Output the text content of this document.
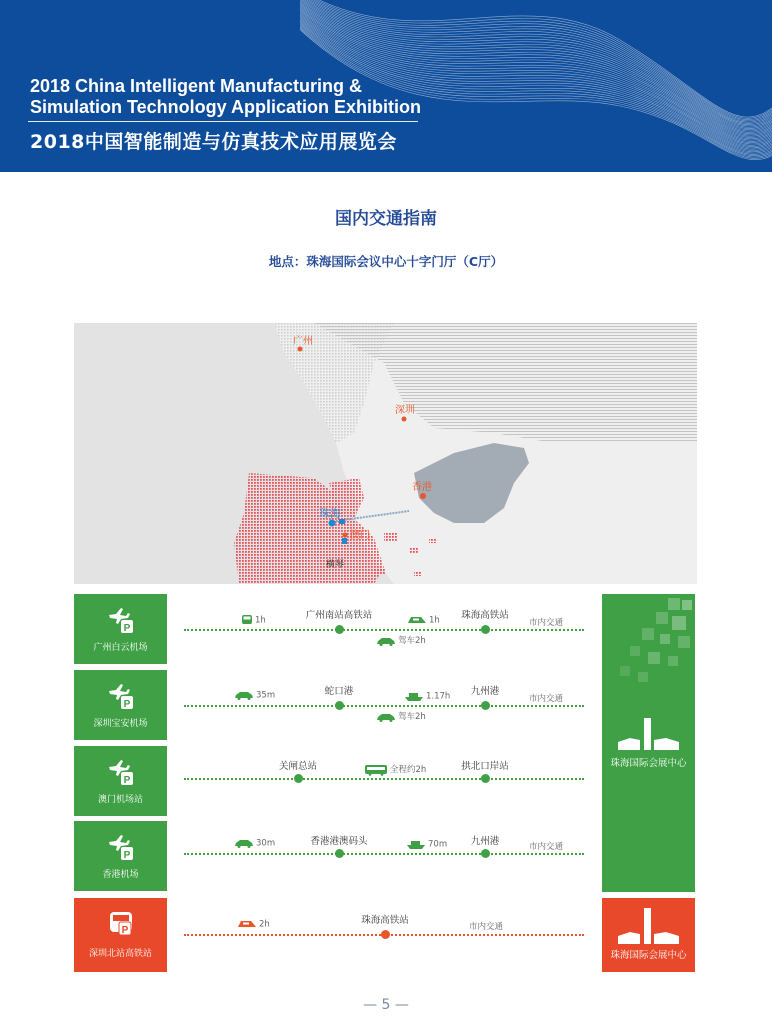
2018 China Intelligent Manufacturing &
Simulation Technology Application Exhibition
2018中国智能制造与仿真技术应用展览会
国内交通指南
地点：珠海国际会议中心十字门厅（C厅）
广州
深圳
香港
珠海
澳门
横琴
P
广州白云机场
1h	广州南站高铁站	1h 珠海高铁站
市内交通
驾车2h
P
深圳宝安机场
35m	蛇口港	1.17h 九州港
市内交通
驾车2h
P
澳门机场站
关闸总站	全程约2h	拱北口岸站
P
香港机场
30m	香港港澳码头	70m 九州港	市内交通
珠海国际会展中心
P
深圳北站高铁站
2h	珠海高铁站
市内交通
珠海国际会展中心
— 5 —
